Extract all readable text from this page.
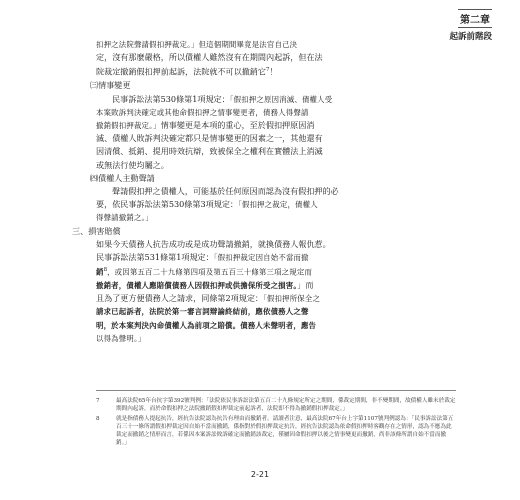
第二章
起訴前階段

扣押之法院聲請假扣押裁定。」但這個期間畢竟是法官自己決

定，沒有那麼嚴格，所以債權人雖然沒有在期間內起訴，但在法

院裁定撤銷假扣押前起訴，法院就不可以撤銷它$^7$！

㈢情事變更

民事訴訟法第530條第1項規定：「假扣押之原因消滅、債權人受

本案敗訴判決確定或其他命假扣押之情事變更者，債務人得聲請

撤銷假扣押裁定。」情事變更是本項的重心，至於假扣押原因消

滅、債權人敗訴判決確定都只是情事變更的因素之一，其他還有

因清償、抵銷、提用時效抗辯，致被保全之權利在實體法上消滅

或無法行使均屬之。

㈣債權人主動聲請

聲請假扣押之債權人，可能基於任何原因而認為沒有假扣押的必

要，依民事訴訟法第530條第3項規定：「假扣押之裁定，債權人

得聲請撤銷之。」

三、損害賠償

如果今天債務人抗告成功或是成功聲請撤銷，就換債務人報仇惹。

民事訴訟法第531條第1項規定：「假扣押裁定因自始不當而撤

銷$^8$，或因第五百二十九條第四項及第五百三十條第三項之規定而

撤銷者，債權人應賠償債務人因假扣押或供擔保所受之損害。」而

且為了更方便債務人之請求，同條第2項規定：「假扣押所保全之

請求已起訴者，法院於第一審言詞辯論終結前，應依債務人之聲

明，於本案判決內命債權人為前項之賠償。債務人未聲明者，應告

以得為聲明。」

7	最高法院65年台抗字第392號判例：「法院依民事訴訟法第五百二十九條規定所定之期間，係裁定期間，非不變期間，故債權人雖未於裁定期間內起訴，而於命假扣押之法院撤銷假扣押裁定前起訴者，法院即不得為撤銷假扣押裁定。」
8	就是指債務人提起抗告，經抗告法院認為抗告有理由而撤銷者。請讀者注意，最高法院67年台上字第1107號判例認為：「民事訴訟法第五百三十一條所謂假扣押裁定因自始不當而撤銷，係指對於假扣押裁定抗告，經抗告法院認為依命假扣押時客觀存在之情形，認為不應為此裁定而撤銷之情形而言，若係因本案訴訟敗訴確定而撤銷該裁定，僅屬因命假扣押以後之情事變更而撤銷，尚非該條所謂自始不當而撤銷。」
2-21
